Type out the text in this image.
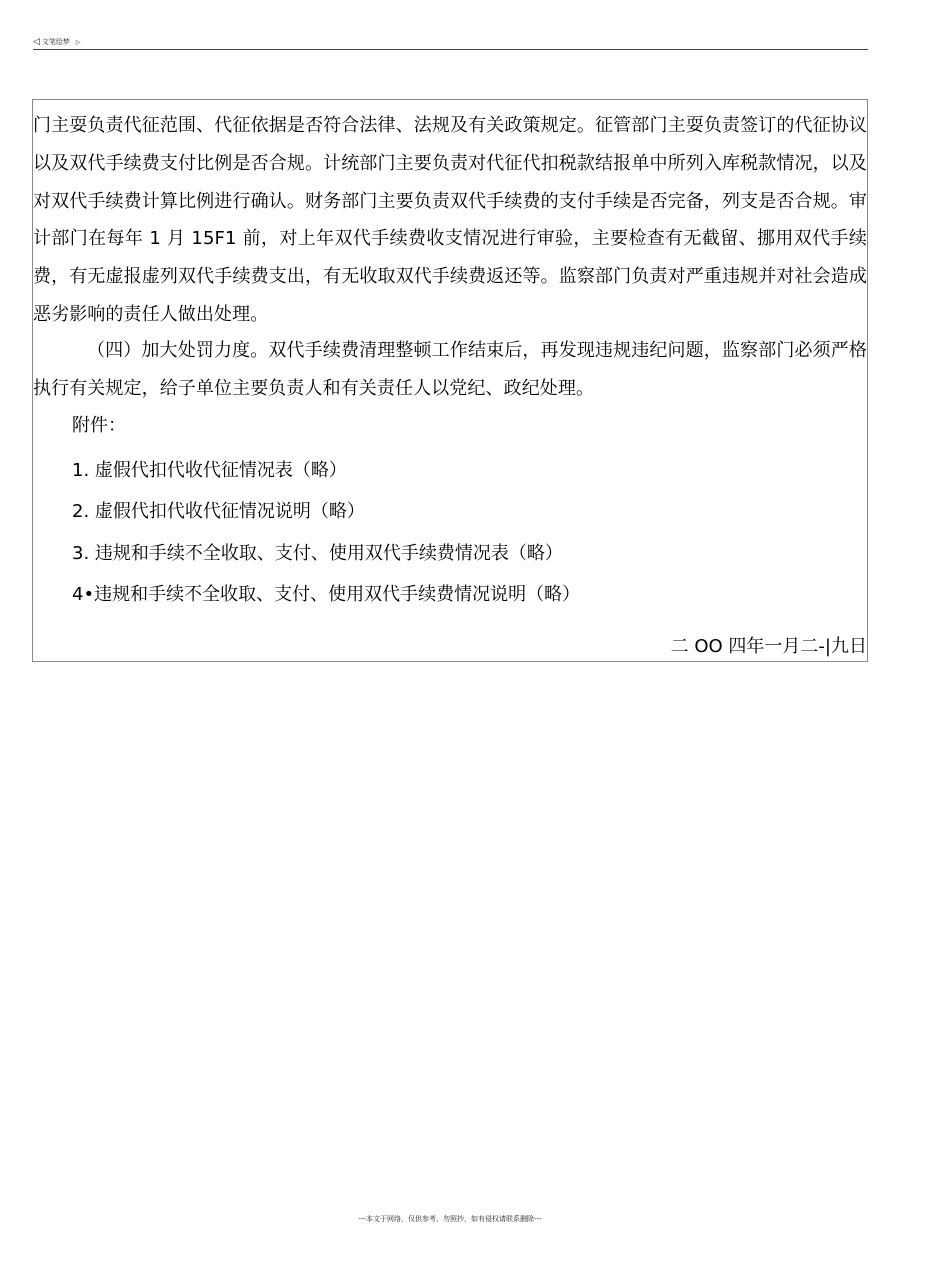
◁ 文笔绘梦 ▷

门主耍负责代征范围、代征依据是否符合法律、法规及有关政策规定。征管部门主耍负责签订的代征协议以及双代手续费支付比例是否合规。计统部门主要负责对代征代扣税款结报单中所列入库税款情况，以及对双代手续费计算比例进行确认。财务部门主要负责双代手续费的支付手续是否完备，列支是否合规。审计部门在每年 1 月 15F1 前，对上年双代手续费收支情况进行审验，主要检查有无截留、挪用双代手续费，有无虚报虚列双代手续费支出，有无收取双代手续费返还等。监察部门负责对严重违规并对社会造成恶劣影响的责任人做出处理。

（四）加大处罚力度。双代手续费清理整顿工作结束后，再发现违规违纪问题，监察部门必须严格执行有关规定，给子单位主要负责人和有关责任人以党纪、政纪处理。

附件：

1. 虚假代扣代收代征情况表（略）

2. 虚假代扣代收代征情况说明（略）

3. 违规和手续不全收取、支付、使用双代手续费情况表（略）

4•违规和手续不全收取、支付、使用双代手续费情况说明（略）

二 OO 四年一月二-|九日

---本文于网络，仅供参考，勿照抄，如有侵权请联系删除---
